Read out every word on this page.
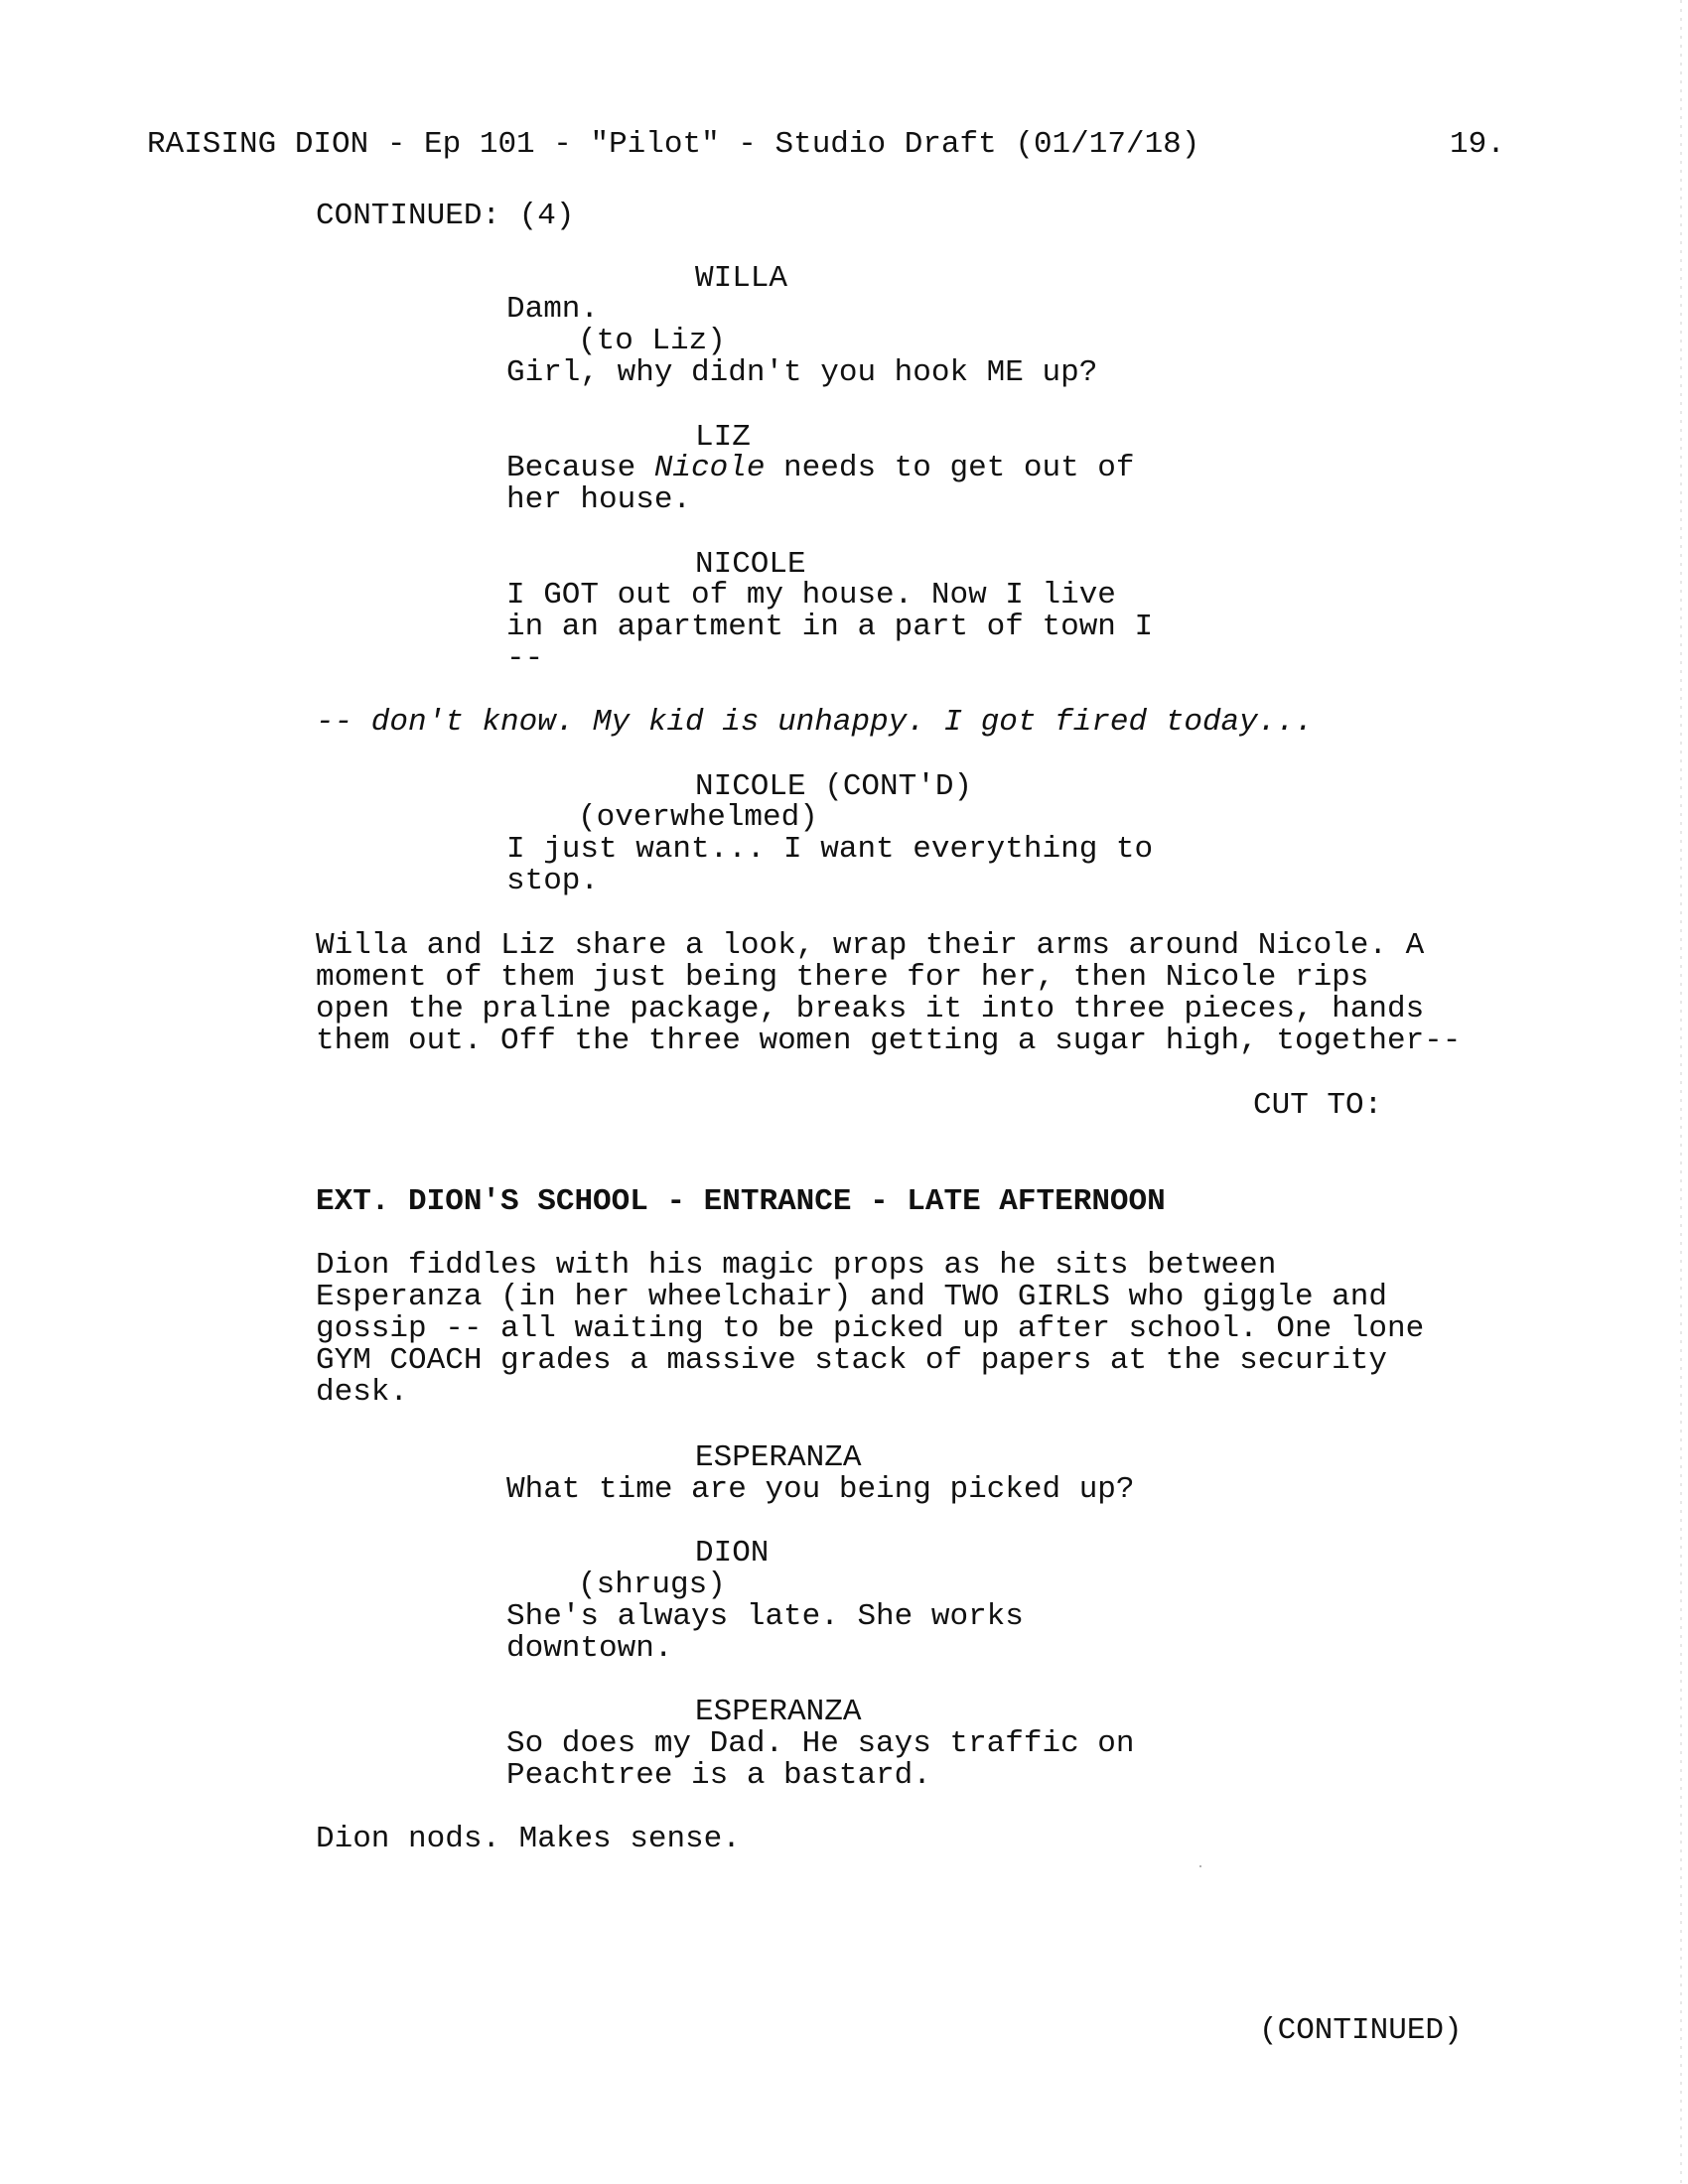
RAISING DION - Ep 101 - "Pilot" - Studio Draft (01/17/18)	19.
CONTINUED: (4)
WILLA
Damn.
(to Liz)
Girl, why didn't you hook ME up?
LIZ
Because Nicole needs to get out of
her house.
NICOLE
I GOT out of my house. Now I live
in an apartment in a part of town I
--
-- don't know. My kid is unhappy. I got fired today...
NICOLE (CONT'D)
(overwhelmed)
I just want... I want everything to
stop.
Willa and Liz share a look, wrap their arms around Nicole. A
moment of them just being there for her, then Nicole rips
open the praline package, breaks it into three pieces, hands
them out. Off the three women getting a sugar high, together--
CUT TO:
EXT. DION'S SCHOOL - ENTRANCE - LATE AFTERNOON
Dion fiddles with his magic props as he sits between
Esperanza (in her wheelchair) and TWO GIRLS who giggle and
gossip -- all waiting to be picked up after school. One lone
GYM COACH grades a massive stack of papers at the security
desk.
ESPERANZA
What time are you being picked up?
DION
(shrugs)
She's always late. She works
downtown.
ESPERANZA
So does my Dad. He says traffic on
Peachtree is a bastard.
Dion nods. Makes sense.
(CONTINUED)
